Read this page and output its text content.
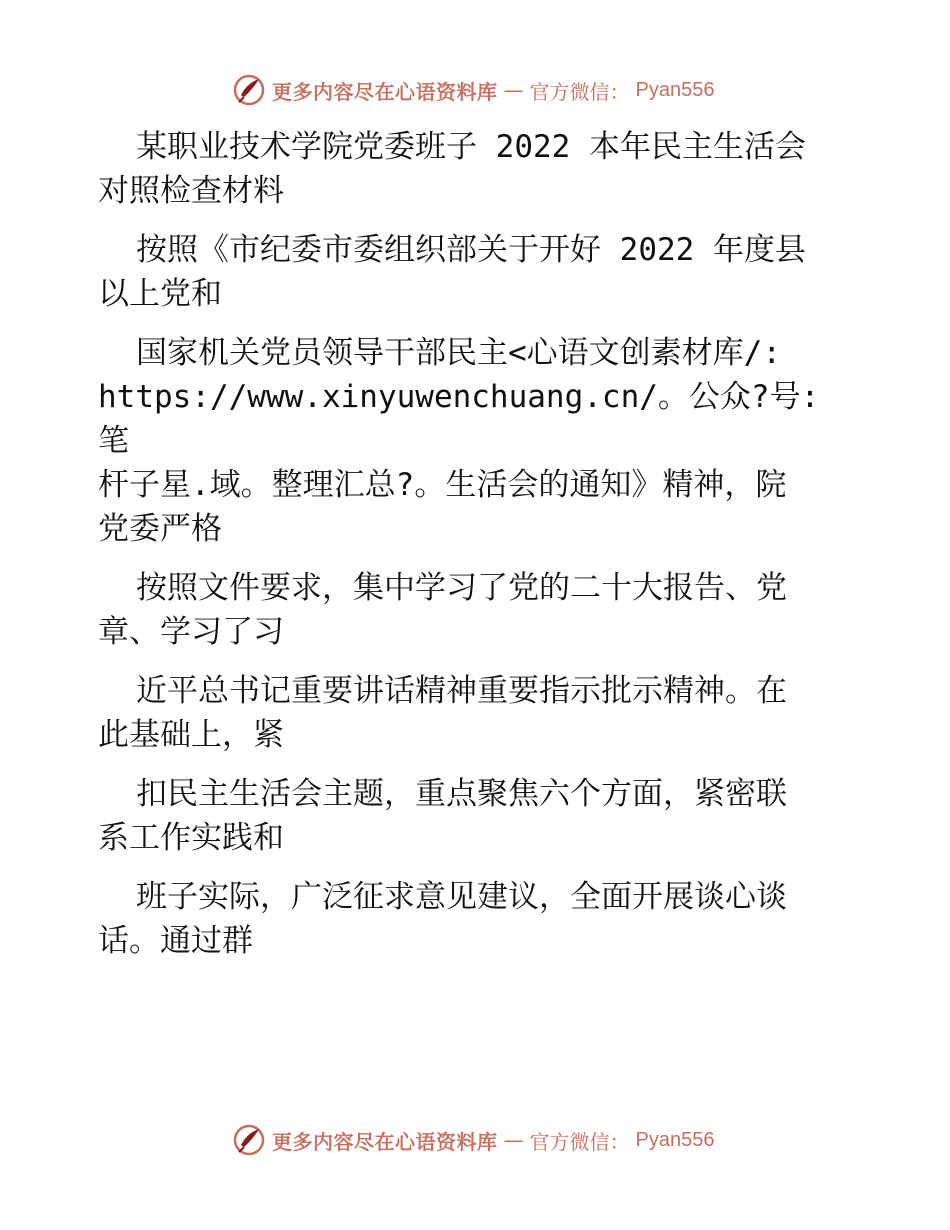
更多内容尽在心语资料库 — 官方微信： Pyan556
某职业技术学院党委班子 2022 本年民主生活会
对照检查材料
按照《市纪委市委组织部关于开好 2022 年度县
以上党和
国家机关党员领导干部民主<心语文创素材库/:
https://www.xinyuwenchuang.cn/。公众?号: 笔
杆子星.域。整理汇总?。生活会的通知》精神，院
党委严格
按照文件要求，集中学习了党的二十大报告、党
章、学习了习
近平总书记重要讲话精神重要指示批示精神。在
此基础上，紧
扣民主生活会主题，重点聚焦六个方面，紧密联
系工作实践和
班子实际，广泛征求意见建议，全面开展谈心谈
话。通过群
更多内容尽在心语资料库 — 官方微信： Pyan556
